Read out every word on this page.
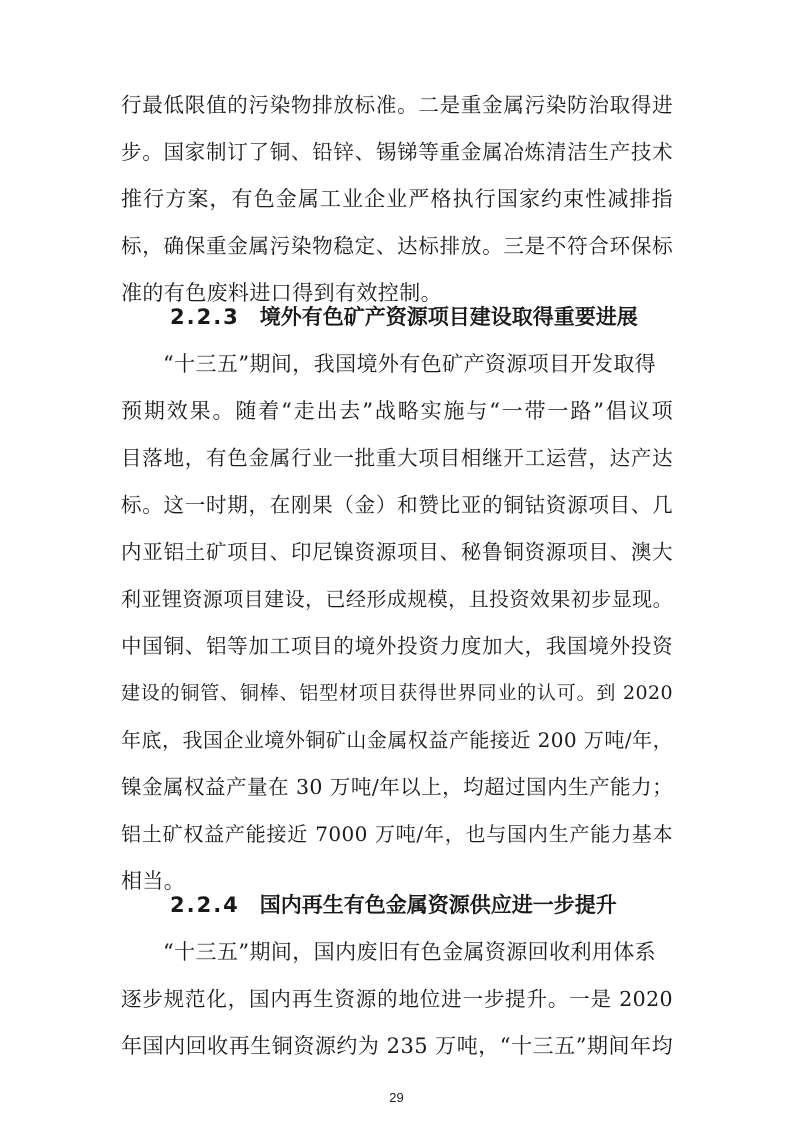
行最低限值的污染物排放标准。二是重金属污染防治取得进
步。国家制订了铜、铅锌、锡锑等重金属冶炼清洁生产技术
推行方案，有色金属工业企业严格执行国家约束性减排指
标，确保重金属污染物稳定、达标排放。三是不符合环保标
准的有色废料进口得到有效控制。
2.2.3 境外有色矿产资源项目建设取得重要进展
“十三五”期间，我国境外有色矿产资源项目开发取得
预期效果。随着“走出去”战略实施与“一带一路”倡议项
目落地，有色金属行业一批重大项目相继开工运营，达产达
标。这一时期，在刚果（金）和赞比亚的铜钴资源项目、几
内亚铝土矿项目、印尼镍资源项目、秘鲁铜资源项目、澳大
利亚锂资源项目建设，已经形成规模，且投资效果初步显现。
中国铜、铝等加工项目的境外投资力度加大，我国境外投资
建设的铜管、铜棒、铝型材项目获得世界同业的认可。到 2020
年底，我国企业境外铜矿山金属权益产能接近 200 万吨/年，
镍金属权益产量在 30 万吨/年以上，均超过国内生产能力；
铝土矿权益产能接近 7000 万吨/年，也与国内生产能力基本
相当。
2.2.4 国内再生有色金属资源供应进一步提升
“十三五”期间，国内废旧有色金属资源回收利用体系
逐步规范化，国内再生资源的地位进一步提升。一是 2020
年国内回收再生铜资源约为 235 万吨，“十三五”期间年均
29
